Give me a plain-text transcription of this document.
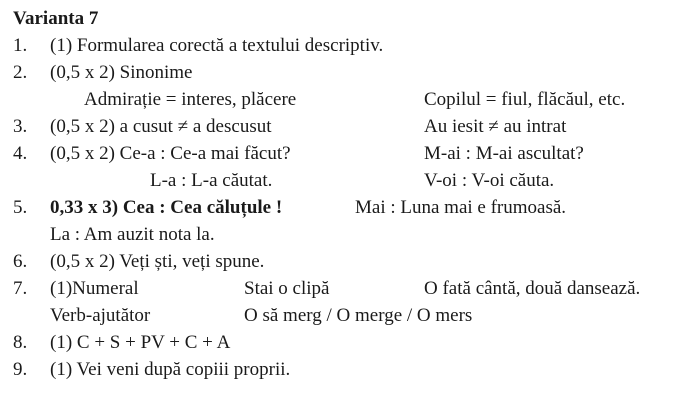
Varianta 7
1. (1) Formularea corectă a textului descriptiv.
2. (0,5 x 2) Sinonime
Admirație = interes, plăcere	Copilul = fiul, flăcăul, etc.
3. (0,5 x 2) a cusut ≠ a descusut	Au iesit ≠ au intrat
4. (0,5 x 2) Ce-a : Ce-a mai făcut?	M-ai : M-ai ascultat?
L-a : L-a căutat.	V-oi : V-oi căuta.
5. 0,33 x 3) Cea : Cea căluțule !	Mai : Luna mai e frumoasă.
La : Am auzit nota la.
6. (0,5 x 2) Veți ști, veți spune.
7. (1)Numeral	Stai o clipă	O fată cântă, două dansează.
Verb-ajutător	O să merg / O merge / O mers
8. (1) C + S + PV + C + A
9. (1) Vei veni după copiii proprii.
